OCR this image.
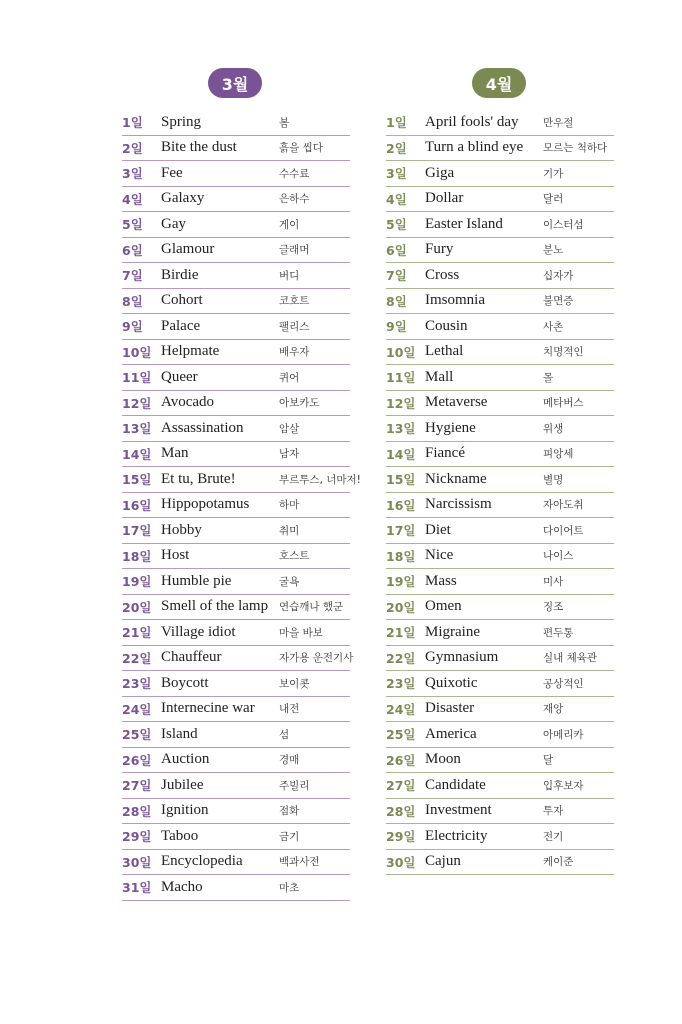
3월
1일	Spring	봄
2일	Bite the dust	흙을 씹다
3일	Fee	수수료
4일	Galaxy	은하수
5일	Gay	게이
6일	Glamour	글래머
7일	Birdie	버디
8일	Cohort	코호트
9일	Palace	팰리스
10일 Helpmate	배우자
11일 Queer	퀴어
12일 Avocado	아보카도
13일 Assassination	암살
14일 Man	남자
15일 Et tu, Brute!	부르투스, 너마저!
16일 Hippopotamus	하마
17일 Hobby	취미
18일 Host	호스트
19일 Humble pie	굴욕
20일 Smell of the lamp	연습깨나 했군
21일 Village idiot	마을 바보
22일 Chauffeur	자가용 운전기사
23일 Boycott	보이콧
24일 Internecine war	내전
25일 Island	섬
26일 Auction	경매
27일 Jubilee	주빌리
28일 Ignition	점화
29일 Taboo	금기
30일 Encyclopedia	백과사전
31일 Macho	마초
4월
1일	April fools' day	만우절
2일	Turn a blind eye	모르는 척하다
3일	Giga	기가
4일	Dollar	달러
5일	Easter Island	이스터섬
6일	Fury	분노
7일	Cross	십자가
8일	Imsomnia	불면증
9일	Cousin	사촌
10일 Lethal	치명적인
11일 Mall	몰
12일 Metaverse	메타버스
13일 Hygiene	위생
14일 Fiancé	피앙세
15일 Nickname	별명
16일 Narcissism	자아도취
17일 Diet	다이어트
18일 Nice	나이스
19일 Mass	미사
20일 Omen	징조
21일 Migraine	편두통
22일 Gymnasium	실내 체육관
23일 Quixotic	공상적인
24일 Disaster	재앙
25일 America	아메리카
26일 Moon	달
27일 Candidate	입후보자
28일 Investment	투자
29일 Electricity	전기
30일 Cajun	케이준
